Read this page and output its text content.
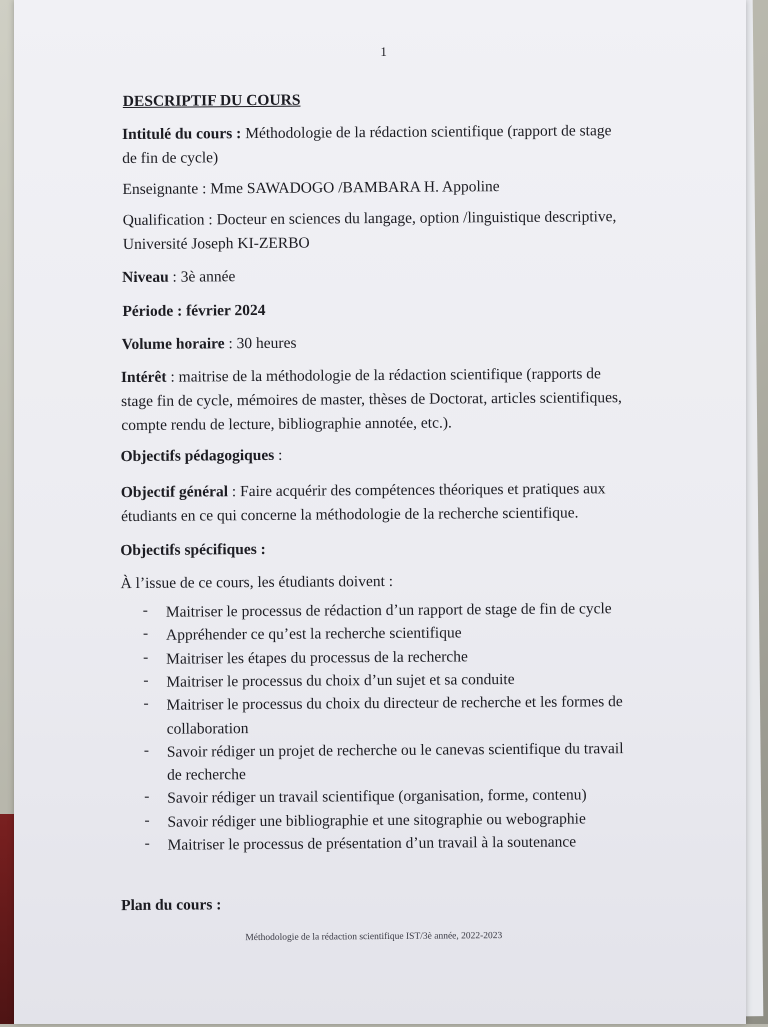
1
DESCRIPTIF DU COURS
Intitulé du cours : Méthodologie de la rédaction scientifique (rapport de stage
de fin de cycle)
Enseignante : Mme SAWADOGO /BAMBARA H. Appoline
Qualification : Docteur en sciences du langage, option /linguistique descriptive,
Université Joseph KI-ZERBO
Niveau : 3è année
Période : février 2024
Volume horaire : 30 heures
Intérêt : maitrise de la méthodologie de la rédaction scientifique (rapports de
stage fin de cycle, mémoires de master, thèses de Doctorat, articles scientifiques,
compte rendu de lecture, bibliographie annotée, etc.).
Objectifs pédagogiques :
Objectif général : Faire acquérir des compétences théoriques et pratiques aux
étudiants en ce qui concerne la méthodologie de la recherche scientifique.
Objectifs spécifiques :
À l’issue de ce cours, les étudiants doivent :
- Maitriser le processus de rédaction d’un rapport de stage de fin de cycle
- Appréhender ce qu’est la recherche scientifique
- Maitriser les étapes du processus de la recherche
- Maitriser le processus du choix d’un sujet et sa conduite
- Maitriser le processus du choix du directeur de recherche et les formes de
collaboration
- Savoir rédiger un projet de recherche ou le canevas scientifique du travail
de recherche
- Savoir rédiger un travail scientifique (organisation, forme, contenu)
- Savoir rédiger une bibliographie et une sitographie ou webographie
- Maitriser le processus de présentation d’un travail à la soutenance
Plan du cours :
Méthodologie de la rédaction scientifique IST/3è année, 2022-2023
